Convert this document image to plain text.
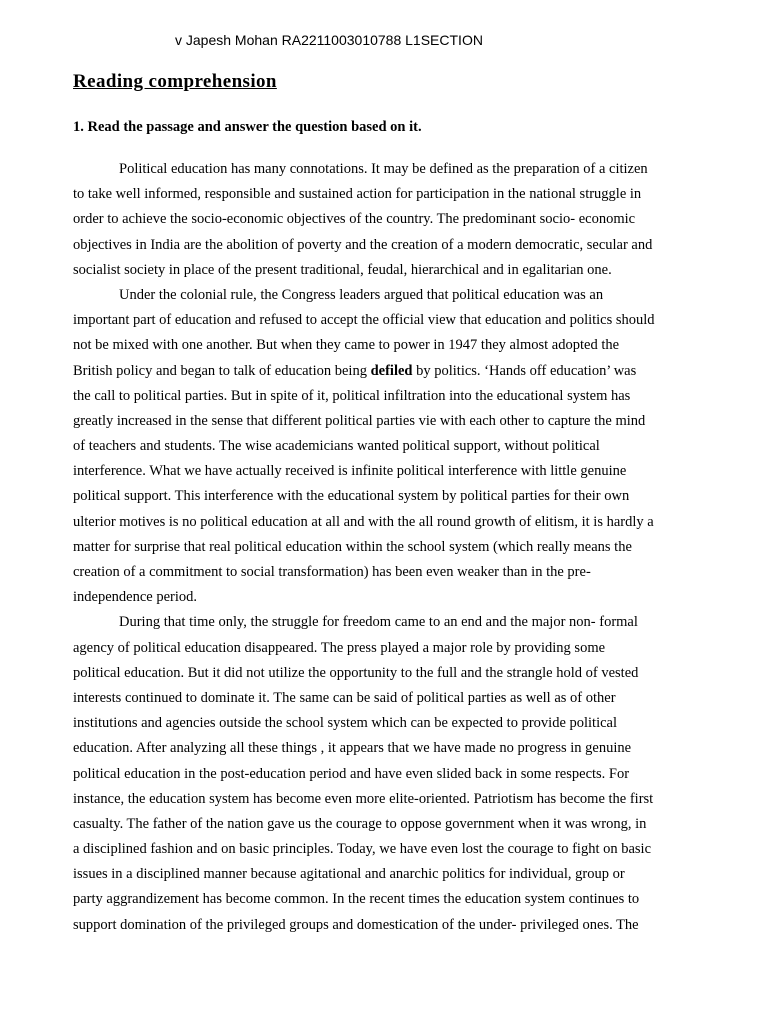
v Japesh Mohan RA2211003010788 L1SECTION
Reading comprehension
1. Read the passage and answer the question based on it.
Political education has many connotations. It may be defined as the preparation of a citizen
to take well informed, responsible and sustained action for participation in the national struggle in
order to achieve the socio-economic objectives of the country. The predominant socio- economic
objectives in India are the abolition of poverty and the creation of a modern democratic, secular and
socialist society in place of the present traditional, feudal, hierarchical and in egalitarian one.
Under the colonial rule, the Congress leaders argued that political education was an
important part of education and refused to accept the official view that education and politics should
not be mixed with one another. But when they came to power in 1947 they almost adopted the
British policy and began to talk of education being defiled by politics. ‘Hands off education’ was
the call to political parties. But in spite of it, political infiltration into the educational system has
greatly increased in the sense that different political parties vie with each other to capture the mind
of teachers and students. The wise academicians wanted political support, without political
interference. What we have actually received is infinite political interference with little genuine
political support. This interference with the educational system by political parties for their own
ulterior motives is no political education at all and with the all round growth of elitism, it is hardly a
matter for surprise that real political education within the school system (which really means the
creation of a commitment to social transformation) has been even weaker than in the pre-
independence period.
During that time only, the struggle for freedom came to an end and the major non- formal
agency of political education disappeared. The press played a major role by providing some
political education. But it did not utilize the opportunity to the full and the strangle hold of vested
interests continued to dominate it. The same can be said of political parties as well as of other
institutions and agencies outside the school system which can be expected to provide political
education. After analyzing all these things , it appears that we have made no progress in genuine
political education in the post-education period and have even slided back in some respects. For
instance, the education system has become even more elite-oriented. Patriotism has become the first
casualty. The father of the nation gave us the courage to oppose government when it was wrong, in
a disciplined fashion and on basic principles. Today, we have even lost the courage to fight on basic
issues in a disciplined manner because agitational and anarchic politics for individual, group or
party aggrandizement has become common. In the recent times the education system continues to
support domination of the privileged groups and domestication of the under- privileged ones. The
